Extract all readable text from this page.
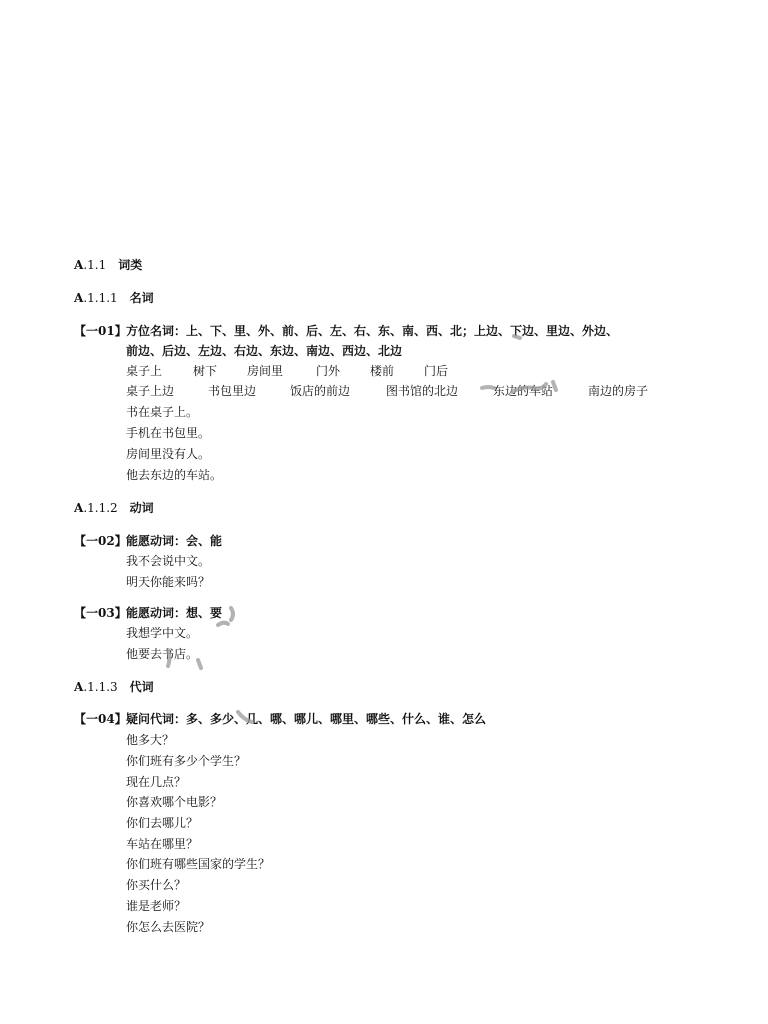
A.1.1 词类
A.1.1.1 名词
【一01】方位名词：上、下、里、外、前、后、左、右、东、南、西、北；上边、下边、里边、外边、
前边、后边、左边、右边、东边、南边、西边、北边
桌子上	树下 房间里	门外 楼前 门后
桌子上边	书包里边	饭店的前边	图书馆的北边	东边的车站	南边的房子
书在桌子上。
手机在书包里。
房间里没有人。
他去东边的车站。
A.1.1.2 动词
【一02】能愿动词：会、能
我不会说中文。
明天你能来吗？
【一03】能愿动词：想、要
我想学中文。
他要去书店。
A.1.1.3 代词
【一04】疑问代词：多、多少、几、哪、哪儿、哪里、哪些、什么、谁、怎么
他多大？
你们班有多少个学生？
现在几点？
你喜欢哪个电影？
你们去哪儿？
车站在哪里？
你们班有哪些国家的学生？
你买什么？
谁是老师？
你怎么去医院？
